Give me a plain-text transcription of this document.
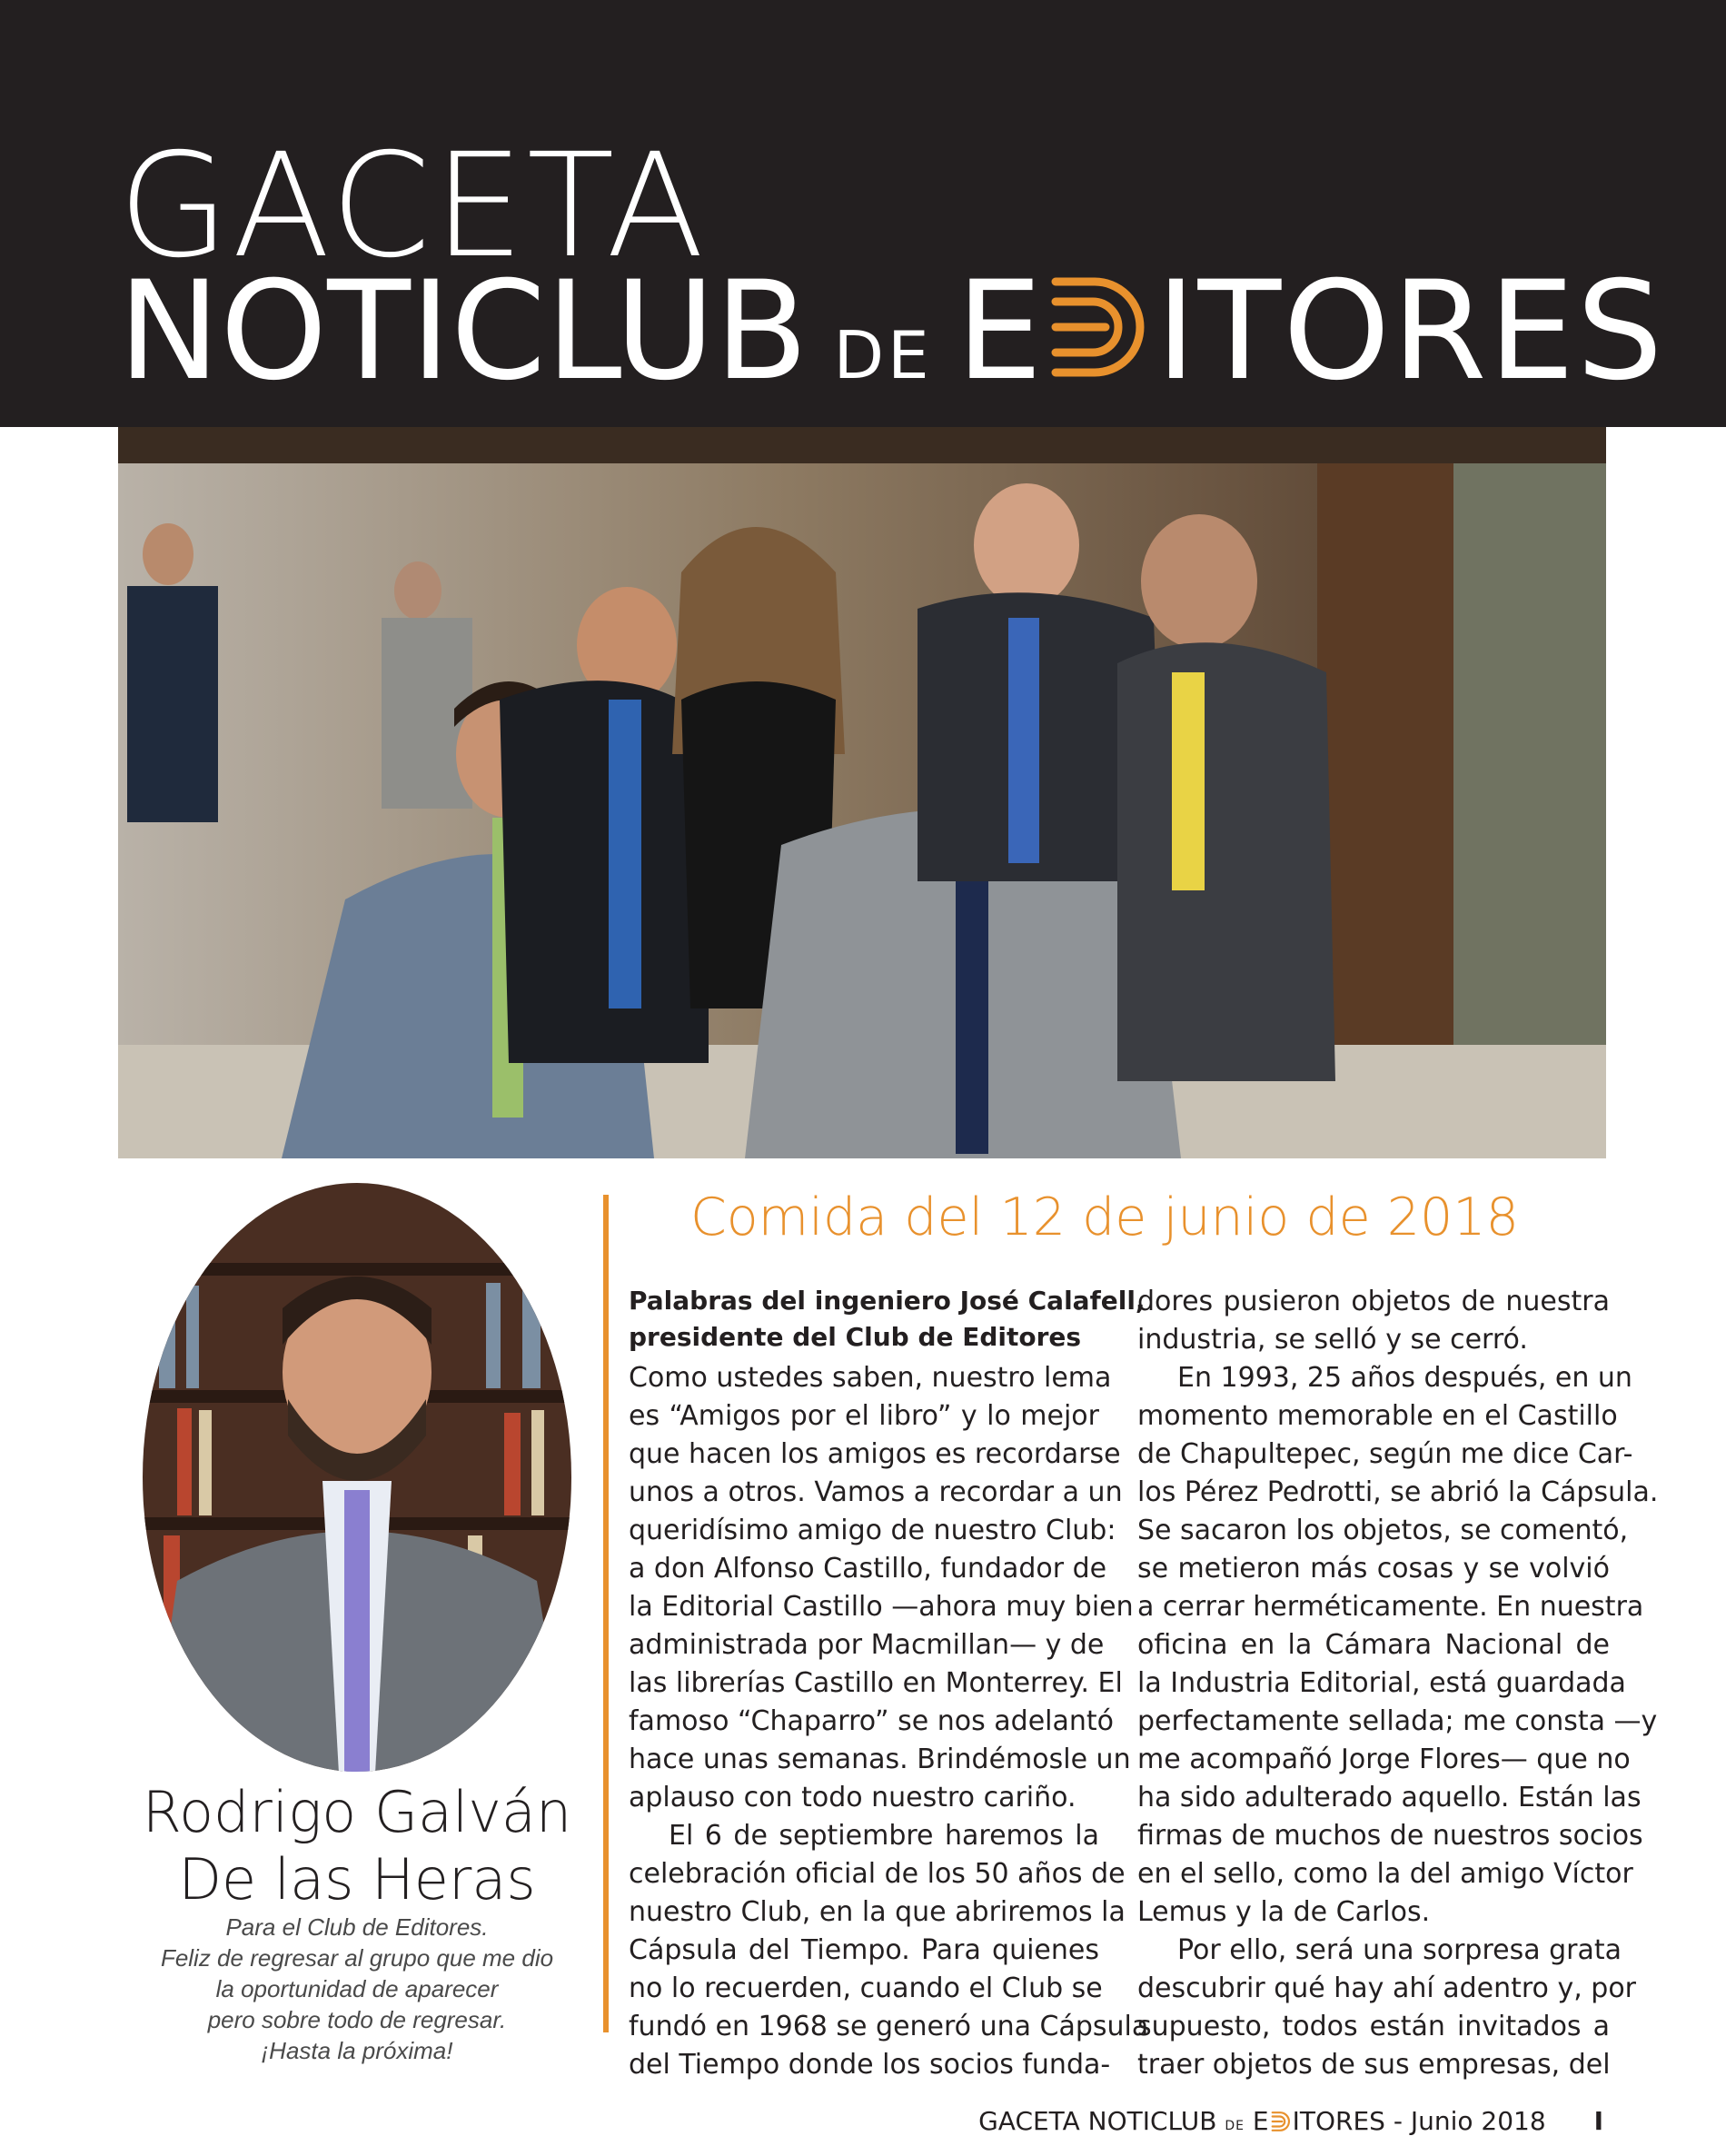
GACETA
NOTICLUB DE E ITORES
Rodrigo Galván
De las Heras
Para el Club de Editores.
Feliz de regresar al grupo que me dio
la oportunidad de aparecer
pero sobre todo de regresar.
¡Hasta la próxima!
Comida del 12 de junio de 2018

Palabras del ingeniero José Calafell,
presidente del Club de Editores

Como ustedes saben, nuestro lema
es “Amigos por el libro” y lo mejor
que hacen los amigos es recordarse
unos a otros. Vamos a recordar a un
queridísimo amigo de nuestro Club:
a don Alfonso Castillo, fundador de
la Editorial Castillo —ahora muy bien
administrada por Macmillan— y de
las librerías Castillo en Monterrey. El
famoso “Chaparro” se nos adelantó
hace unas semanas. Brindémosle un
aplauso con todo nuestro cariño.

El 6 de septiembre haremos la
celebración oficial de los 50 años de
nuestro Club, en la que abriremos la
Cápsula del Tiempo. Para quienes
no lo recuerden, cuando el Club se
fundó en 1968 se generó una Cápsula
del Tiempo donde los socios funda-

dores pusieron objetos de nuestra
industria, se selló y se cerró.

En 1993, 25 años después, en un
momento memorable en el Castillo
de Chapultepec, según me dice Car-
los Pérez Pedrotti, se abrió la Cápsula.
Se sacaron los objetos, se comentó,
se metieron más cosas y se volvió
a cerrar herméticamente. En nuestra
oficina en la Cámara Nacional de
la Industria Editorial, está guardada
perfectamente sellada; me consta —y
me acompañó Jorge Flores— que no
ha sido adulterado aquello. Están las
firmas de muchos de nuestros socios
en el sello, como la del amigo Víctor
Lemus y la de Carlos.

Por ello, será una sorpresa grata
descubrir qué hay ahí adentro y, por
supuesto, todos están invitados a
traer objetos de sus empresas, del

GACETA NOTICLUB DE E ITORES - Junio 2018 I
